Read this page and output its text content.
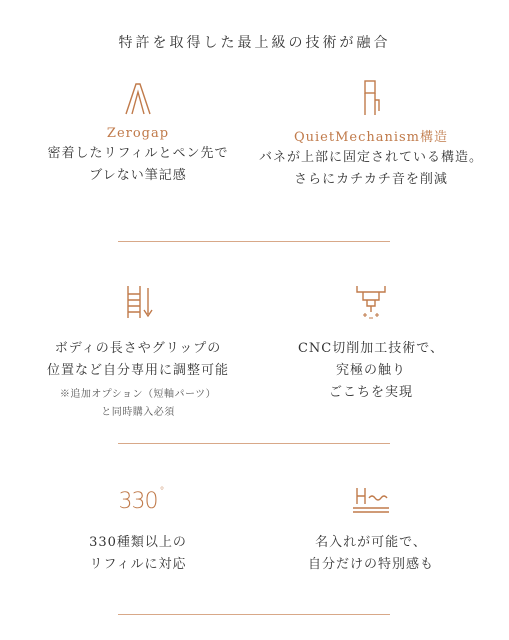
特許を取得した最上級の技術が融合
Zerogap
密着したリフィルとペン先で
ブレない筆記感
QuietMechanism構造
バネが上部に固定されている構造。
さらにカチカチ音を削減
ボディの長さやグリップの
位置など自分専用に調整可能
※追加オプション（短軸パーツ）
と同時購入必須
CNC切削加工技術で、
究極の触り
ごこちを実現
330 °
330種類以上の
リフィルに対応
名入れが可能で、
自分だけの特別感も
